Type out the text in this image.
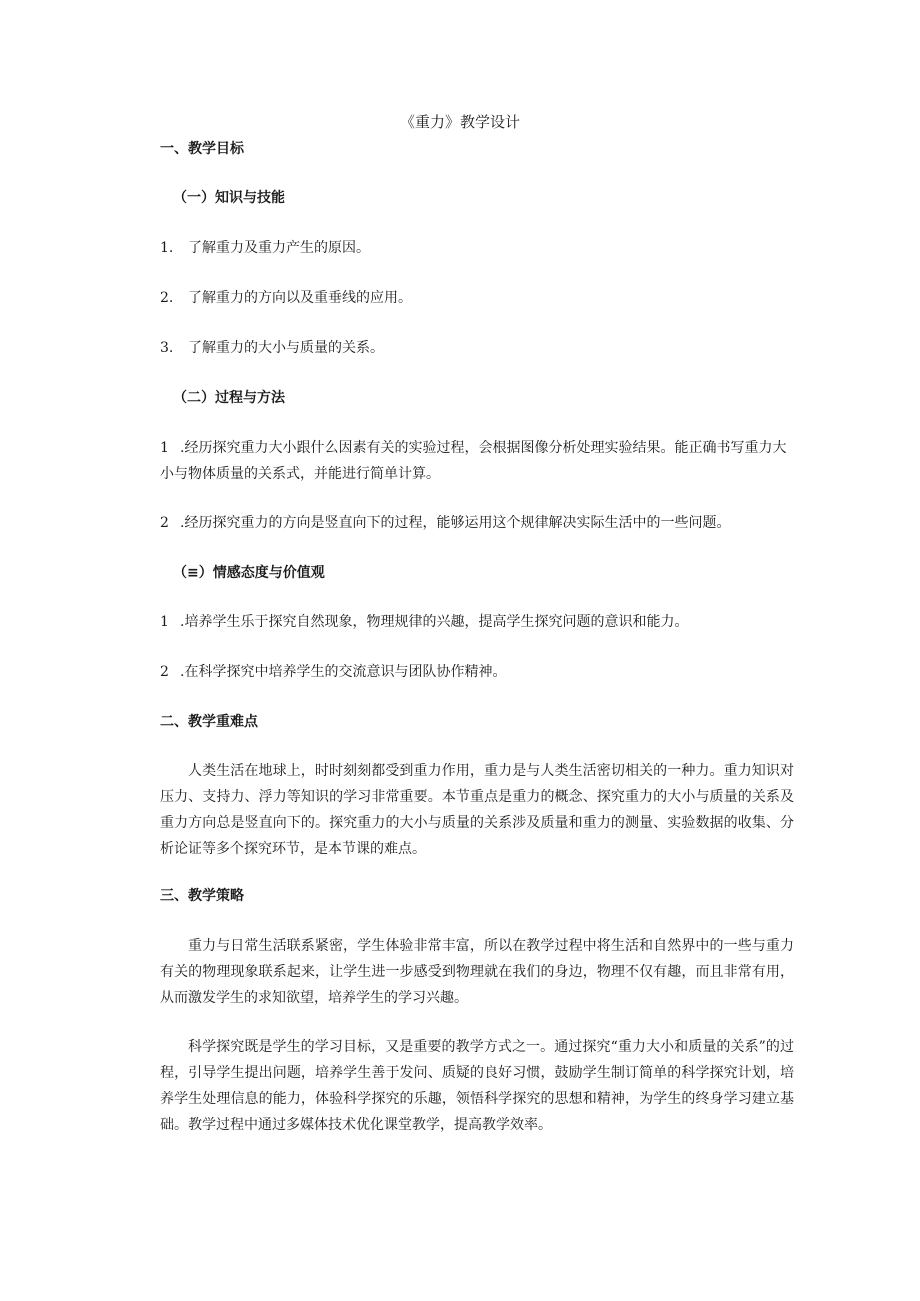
《重力》教学设计
一、教学目标
（一）知识与技能
1. 了解重力及重力产生的原因。
2. 了解重力的方向以及重垂线的应用。
3. 了解重力的大小与质量的关系。
（二）过程与方法
1 .经历探究重力大小跟什么因素有关的实验过程，会根据图像分析处理实验结果。能正确书写重力大小与物体质量的关系式，并能进行简单计算。
2 .经历探究重力的方向是竖直向下的过程，能够运用这个规律解决实际生活中的一些问题。
（≡）情感态度与价值观
1 .培养学生乐于探究自然现象，物理规律的兴趣，提高学生探究问题的意识和能力。
2 .在科学探究中培养学生的交流意识与团队协作精神。
二、教学重难点
人类生活在地球上，时时刻刻都受到重力作用，重力是与人类生活密切相关的一种力。重力知识对压力、支持力、浮力等知识的学习非常重要。本节重点是重力的概念、探究重力的大小与质量的关系及重力方向总是竖直向下的。探究重力的大小与质量的关系涉及质量和重力的测量、实验数据的收集、分析论证等多个探究环节，是本节课的难点。
三、教学策略
重力与日常生活联系紧密，学生体验非常丰富，所以在教学过程中将生活和自然界中的一些与重力有关的物理现象联系起来，让学生进一步感受到物理就在我们的身边，物理不仅有趣，而且非常有用，从而激发学生的求知欲望，培养学生的学习兴趣。
科学探究既是学生的学习目标，又是重要的教学方式之一。通过探究“重力大小和质量的关系”的过程，引导学生提出问题，培养学生善于发问、质疑的良好习惯，鼓励学生制订简单的科学探究计划，培养学生处理信息的能力，体验科学探究的乐趣，领悟科学探究的思想和精神，为学生的终身学习建立基础。教学过程中通过多媒体技术优化课堂教学，提高教学效率。
